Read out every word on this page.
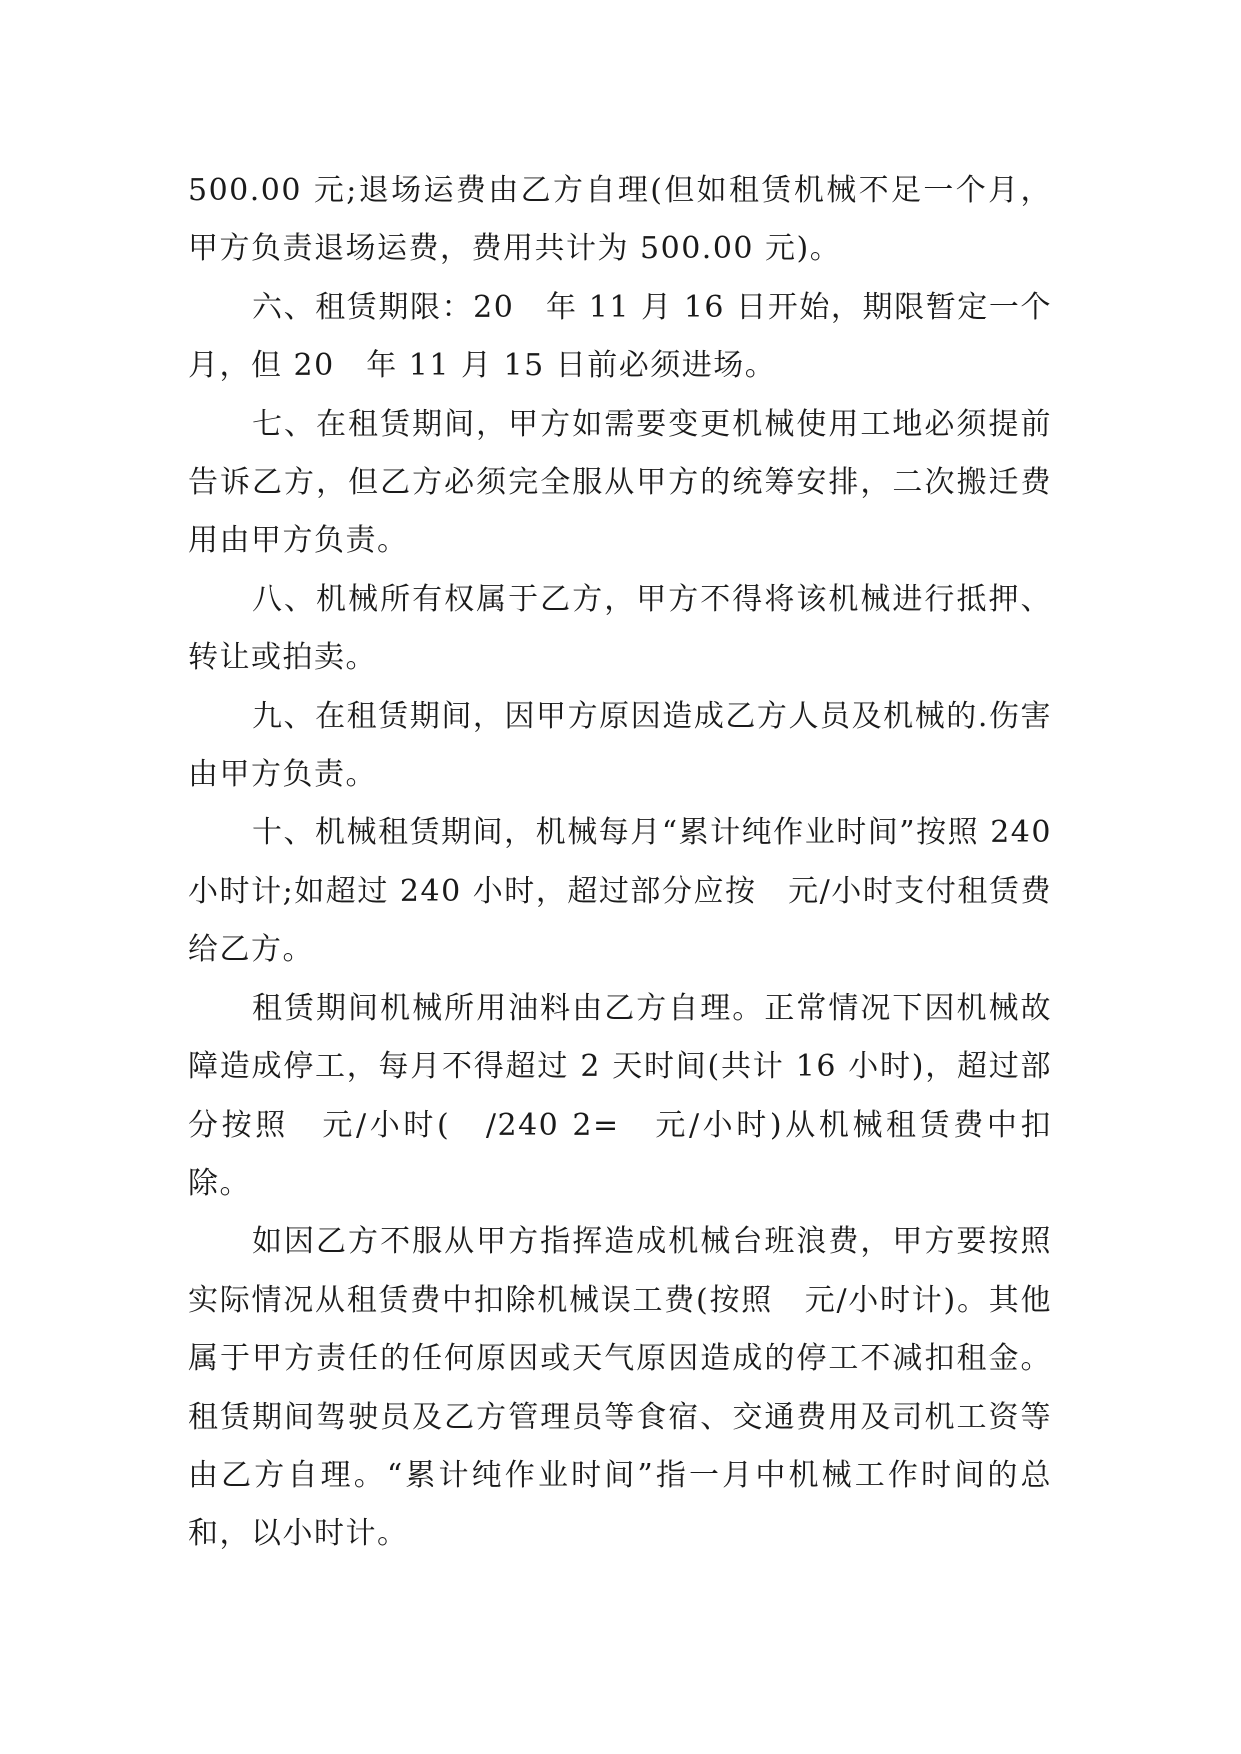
500.00 元;退场运费由乙方自理(但如租赁机械不足一个月，甲方负责退场运费，费用共计为 500.00 元)。

六、租赁期限：20　年 11 月 16 日开始，期限暂定一个月，但 20　年 11 月 15 日前必须进场。

七、在租赁期间，甲方如需要变更机械使用工地必须提前告诉乙方，但乙方必须完全服从甲方的统筹安排，二次搬迁费用由甲方负责。

八、机械所有权属于乙方，甲方不得将该机械进行抵押、转让或拍卖。

九、在租赁期间，因甲方原因造成乙方人员及机械的.伤害由甲方负责。

十、机械租赁期间，机械每月“累计纯作业时间”按照 240 小时计;如超过 240 小时，超过部分应按　元/小时支付租赁费给乙方。

租赁期间机械所用油料由乙方自理。正常情况下因机械故障造成停工，每月不得超过 2 天时间(共计 16 小时)，超过部分按照　元/小时(　/240 2=　元/小时)从机械租赁费中扣除。

如因乙方不服从甲方指挥造成机械台班浪费，甲方要按照实际情况从租赁费中扣除机械误工费(按照　元/小时计)。其他属于甲方责任的任何原因或天气原因造成的停工不减扣租金。租赁期间驾驶员及乙方管理员等食宿、交通费用及司机工资等由乙方自理。“累计纯作业时间”指一月中机械工作时间的总和，以小时计。
